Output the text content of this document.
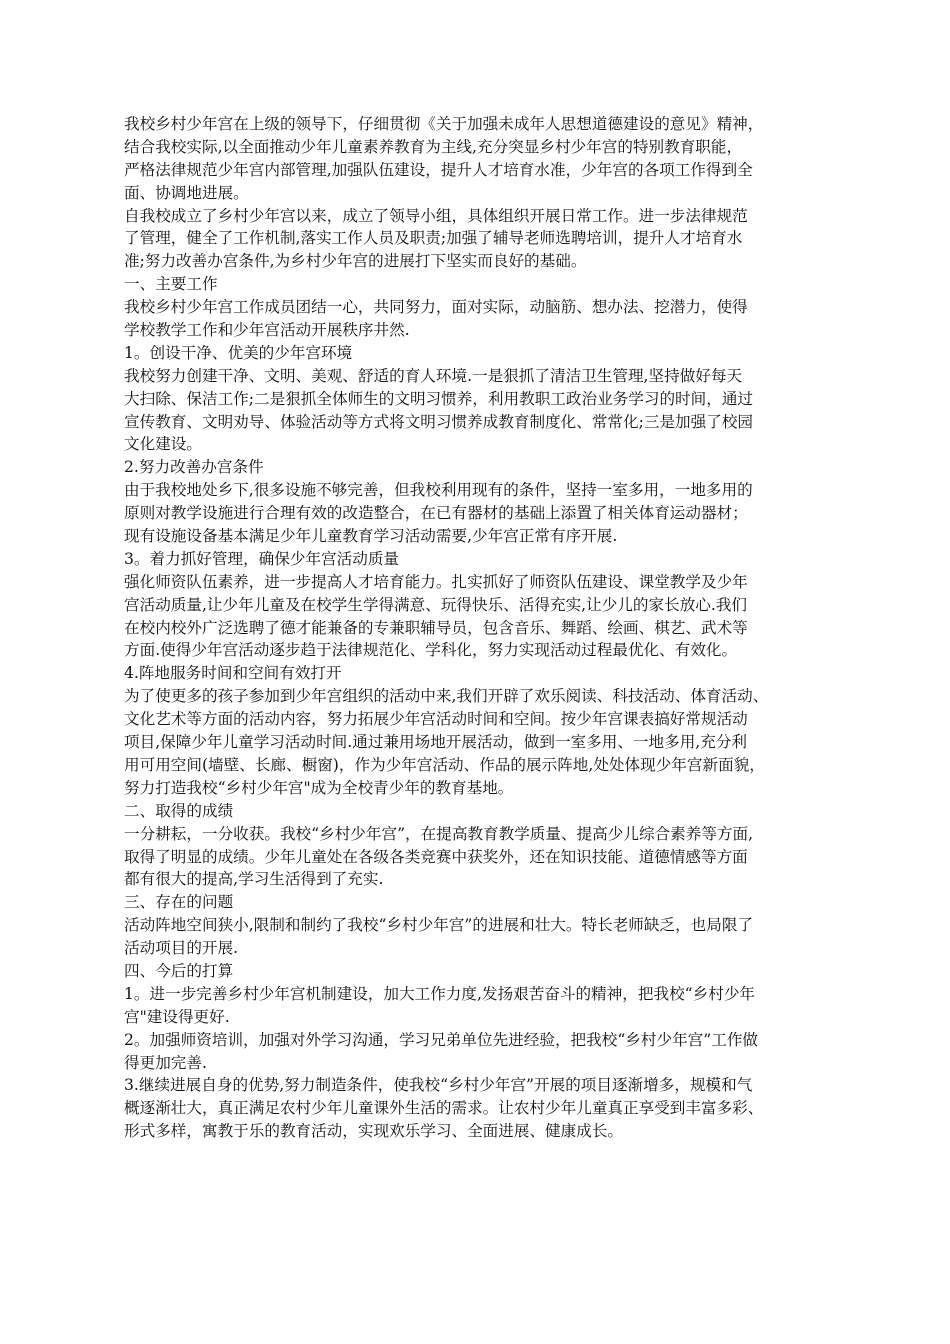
我校乡村少年宫在上级的领导下，仔细贯彻《关于加强未成年人思想道德建设的意见》精神，
结合我校实际,以全面推动少年儿童素养教育为主线,充分突显乡村少年宫的特别教育职能，
严格法律规范少年宫内部管理,加强队伍建设，提升人才培育水准，少年宫的各项工作得到全
面、协调地进展。
自我校成立了乡村少年宫以来，成立了领导小组，具体组织开展日常工作。进一步法律规范
了管理，健全了工作机制,落实工作人员及职责;加强了辅导老师选聘培训，提升人才培育水
准;努力改善办宫条件,为乡村少年宫的进展打下坚实而良好的基础。
一、主要工作
我校乡村少年宫工作成员团结一心，共同努力，面对实际，动脑筋、想办法、挖潜力，使得
学校教学工作和少年宫活动开展秩序井然.
1。创设干净、优美的少年宫环境
我校努力创建干净、文明、美观、舒适的育人环境.一是狠抓了清洁卫生管理,坚持做好每天
大扫除、保洁工作;二是狠抓全体师生的文明习惯养，利用教职工政治业务学习的时间，通过
宣传教育、文明劝导、体验活动等方式将文明习惯养成教育制度化、常常化;三是加强了校园
文化建设。
2.努力改善办宫条件
由于我校地处乡下,很多设施不够完善，但我校利用现有的条件，坚持一室多用，一地多用的
原则对教学设施进行合理有效的改造整合，在已有器材的基础上添置了相关体育运动器材；
现有设施设备基本满足少年儿童教育学习活动需要,少年宫正常有序开展.
3。着力抓好管理，确保少年宫活动质量
强化师资队伍素养，进一步提高人才培育能力。扎实抓好了师资队伍建设、课堂教学及少年
宫活动质量,让少年儿童及在校学生学得满意、玩得快乐、活得充实,让少儿的家长放心.我们
在校内校外广泛选聘了德才能兼备的专兼职辅导员，包含音乐、舞蹈、绘画、棋艺、武术等
方面.使得少年宫活动逐步趋于法律规范化、学科化，努力实现活动过程最优化、有效化。
4.阵地服务时间和空间有效打开
为了使更多的孩子参加到少年宫组织的活动中来,我们开辟了欢乐阅读、科技活动、体育活动、
文化艺术等方面的活动内容，努力拓展少年宫活动时间和空间。按少年宫课表搞好常规活动
项目,保障少年儿童学习活动时间.通过兼用场地开展活动，做到一室多用、一地多用,充分利
用可用空间(墙壁、长廊、橱窗)，作为少年宫活动、作品的展示阵地,处处体现少年宫新面貌，
努力打造我校“乡村少年宫"成为全校青少年的教育基地。
二、取得的成绩
一分耕耘，一分收获。我校“乡村少年宫”，在提高教育教学质量、提高少儿综合素养等方面,
取得了明显的成绩。少年儿童处在各级各类竞赛中获奖外，还在知识技能、道德情感等方面
都有很大的提高,学习生活得到了充实.
三、存在的问题
活动阵地空间狭小,限制和制约了我校“乡村少年宫”的进展和壮大。特长老师缺乏，也局限了
活动项目的开展.
四、今后的打算
1。进一步完善乡村少年宫机制建设，加大工作力度,发扬艰苦奋斗的精神，把我校“乡村少年
宫"建设得更好.
2。加强师资培训，加强对外学习沟通，学习兄弟单位先进经验，把我校“乡村少年宫”工作做
得更加完善.
3.继续进展自身的优势,努力制造条件，使我校“乡村少年宫”开展的项目逐渐增多，规模和气
概逐渐壮大，真正满足农村少年儿童课外生活的需求。让农村少年儿童真正享受到丰富多彩、
形式多样，寓教于乐的教育活动，实现欢乐学习、全面进展、健康成长。
